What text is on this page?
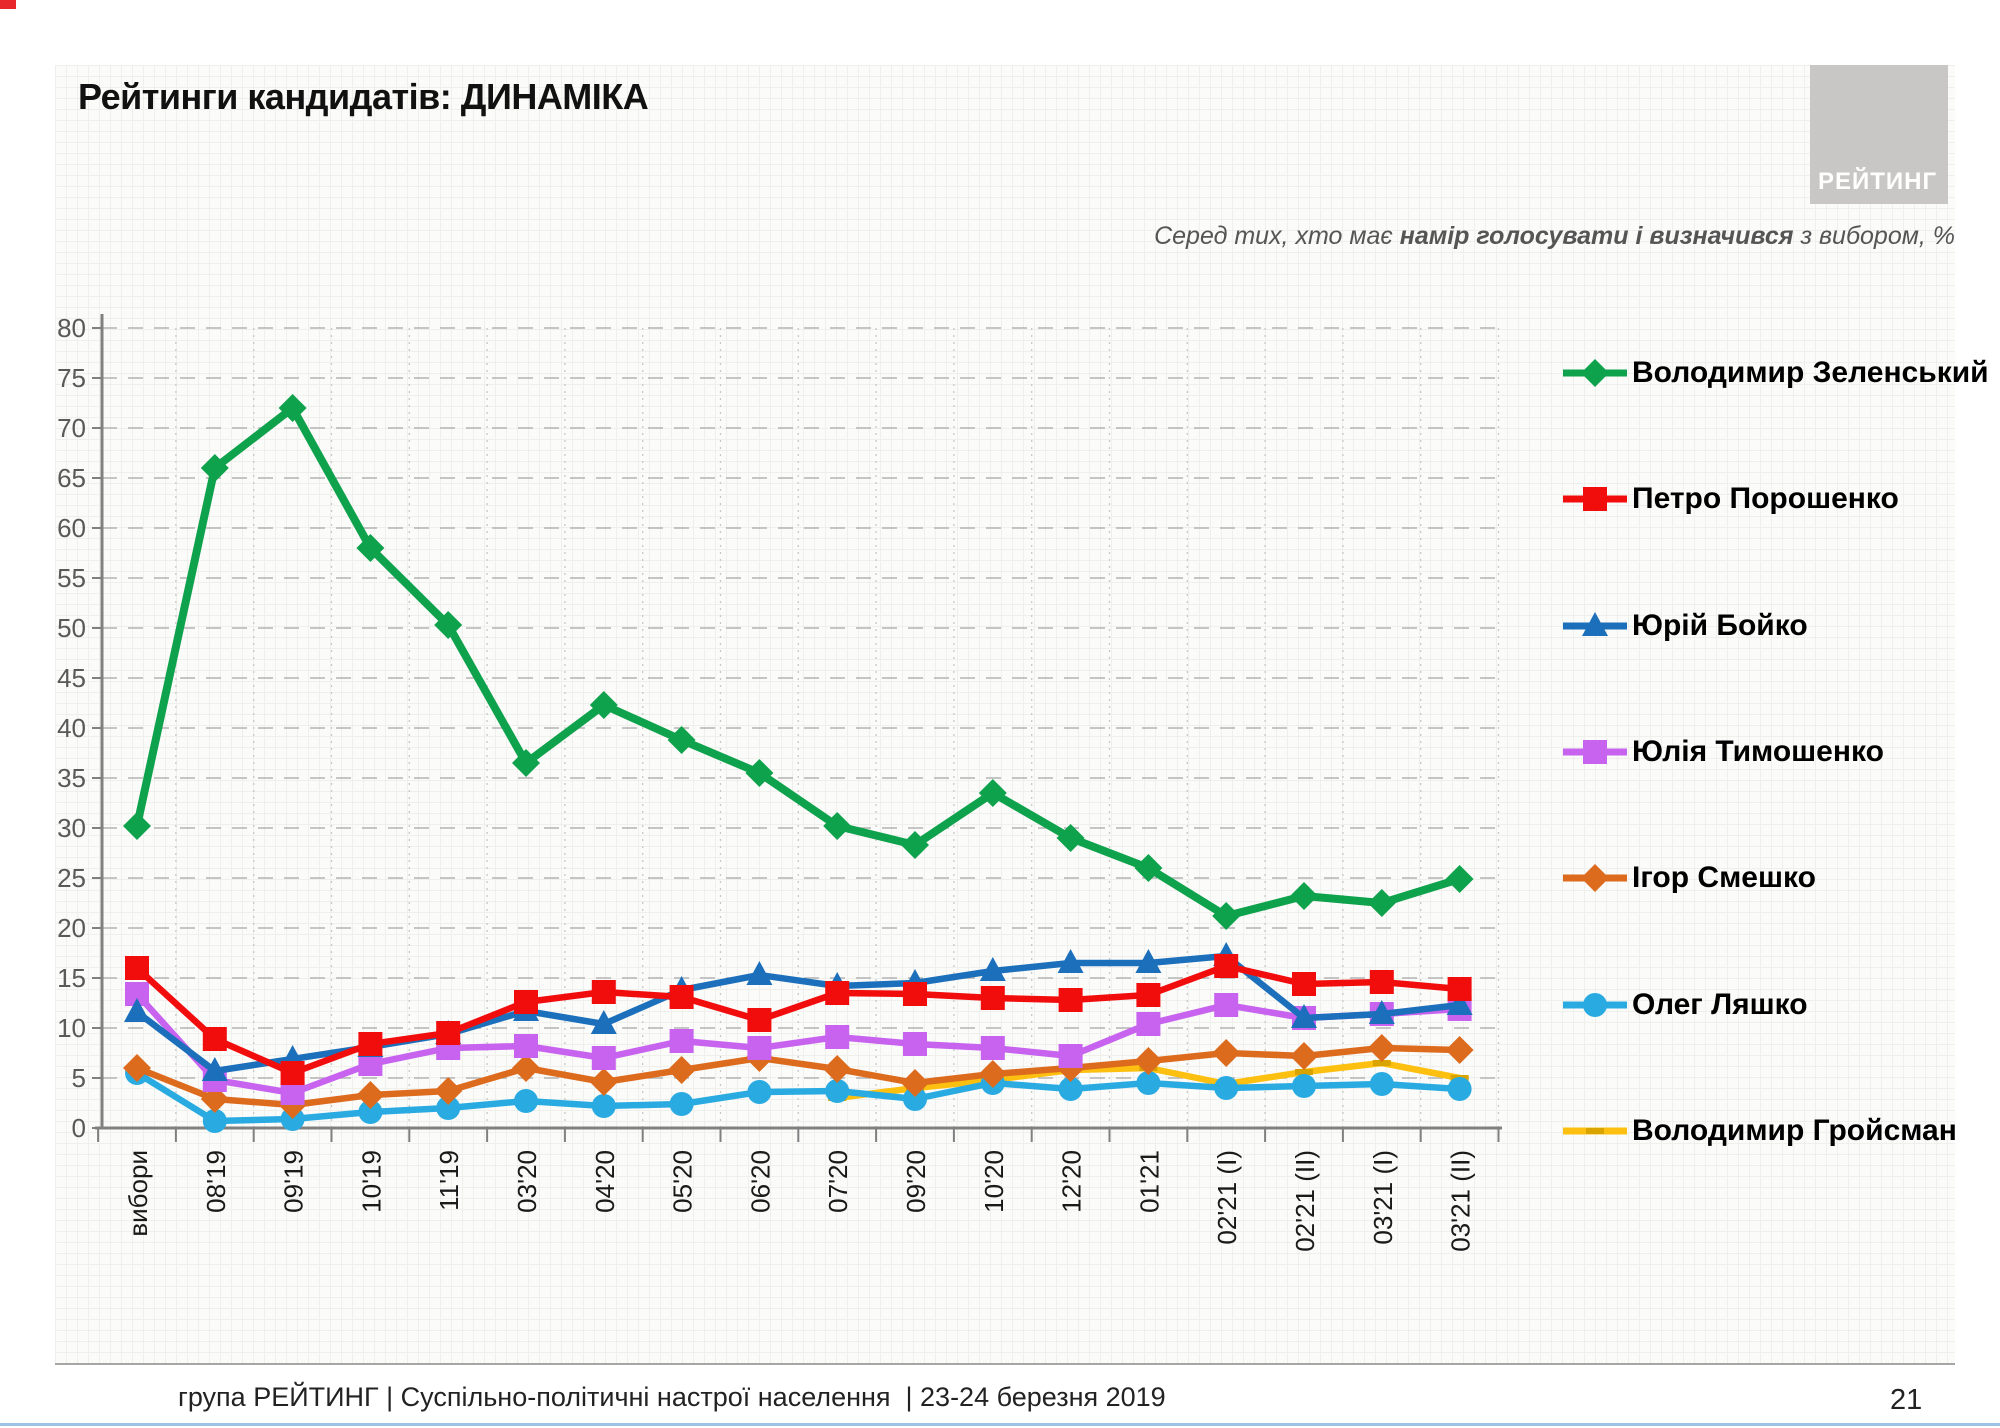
Рейтинги кандидатів: ДИНАМІКА
РЕЙТИНГ
Серед тих, хто має намір голосувати і визначився з вибором, %
0
5
10
15
20
25
30
35
40
45
50
55
60
65
70
75
80
вибори 08'19 09'19 10'19 11'19 03'20 04'20 05'20 06'20 07'20 09'20 10'20 12'20 01'21 02'21 (I) 02'21 (II) 03'21 (I) 03'21 (II)
Володимир Зеленський
Петро Порошенко
Юрій Бойко
Юлія Тимошенко
Ігор Смешко
Олег Ляшко
Володимир Гройсман
група РЕЙТИНГ | Суспільно-політичні настрої населення  | 23-24 березня 2019	21
